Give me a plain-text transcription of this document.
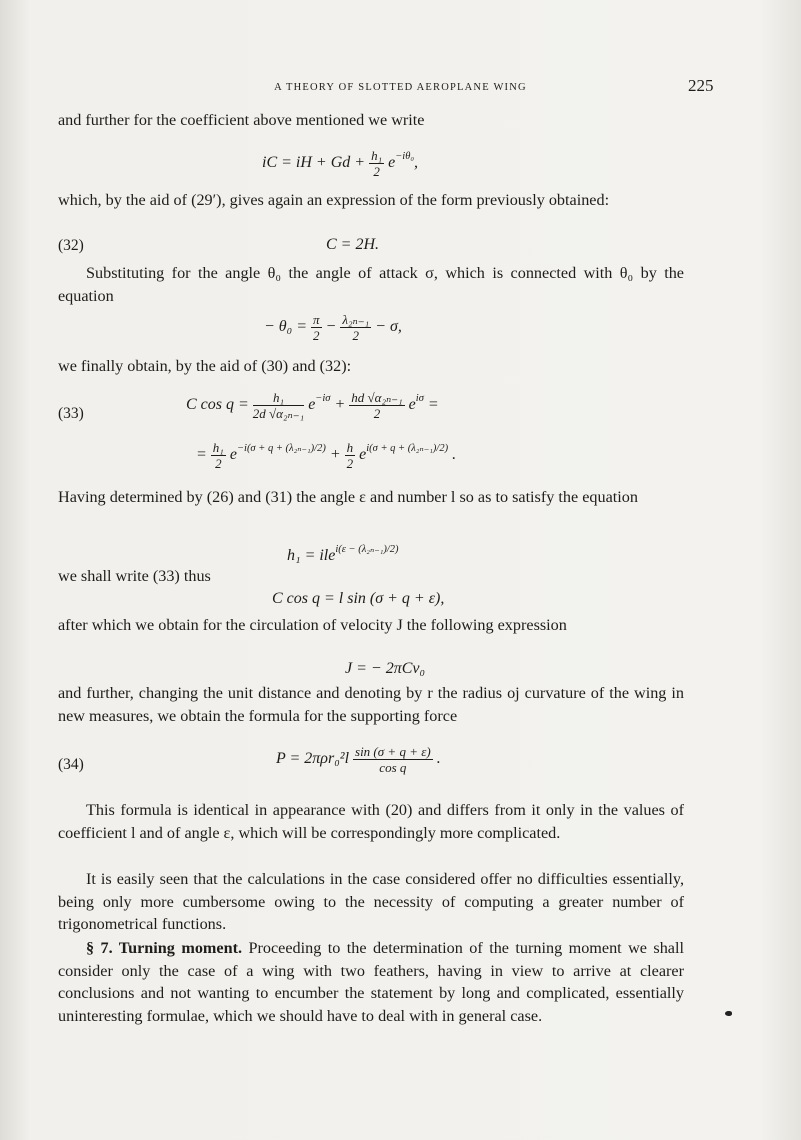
A THEORY OF SLOTTED AEROPLANE WING	225

and further for the coefficient above mentioned we write

iC = iH + $Gd + \frac{\text{h₁}}{2} e^{-i\theta_0}$,

which, by the aid of (29′), gives again an expression of the form previously obtained:

(32)	C = 2H.

Substituting for the angle θ₀ the angle of attack σ, which is connected with θ₀ by the equation

− $\theta_0 = \frac{\pi}{2} - \frac{\text{λ₂ₙ₋₁}}{2} - \sigma$,

we finally obtain, by the aid of (30) and (32):

(33)
C $\cos q = \frac{\text{h₁}}{\text{2d √α₂ₙ₋₁}} e^{-i\sigma} + \frac{\text{hd √α₂ₙ₋₁}}{2} e^{i\sigma}$ =
= $\frac{\text{h₁}}{2} e^{-i(\sigma + q + (\lambda_{2n-1})/2)} + \frac{h}{2} e^{i(\sigma + q + (\lambda_{2n-1})/2)}$ .

Having determined by (26) and (31) the angle ε and number l so as to satisfy the equation

h₁ = ile$^{i(\varepsilon - (\lambda_{2n-1})/2)}$

we shall write (33) thus

C cos q = l sin (σ + q + ε),

after which we obtain for the circulation of velocity J the following expression

J = − 2πCv₀

and further, changing the unit distance and denoting by r the radius oj curvature of the wing in new measures, we obtain the formula for the supporting force

(34)	$P = 2\pi\rho r_0^2l \frac{\sin (\sigma + q + \varepsilon)}{\text{cos q}}$ .

This formula is identical in appearance with (20) and differs from it only in the values of coefficient l and of angle ε, which will be correspondingly more complicated.

It is easily seen that the calculations in the case considered offer no difficulties essentially, being only more cumbersome owing to the necessity of computing a greater number of trigonometrical functions.

§ 7. Turning moment. Proceeding to the determination of the turning moment we shall consider only the case of a wing with two feathers, having in view to arrive at clearer conclusions and not wanting to encumber the statement by long and complicated, essentially uninteresting formulae, which we should have to deal with in general case.
